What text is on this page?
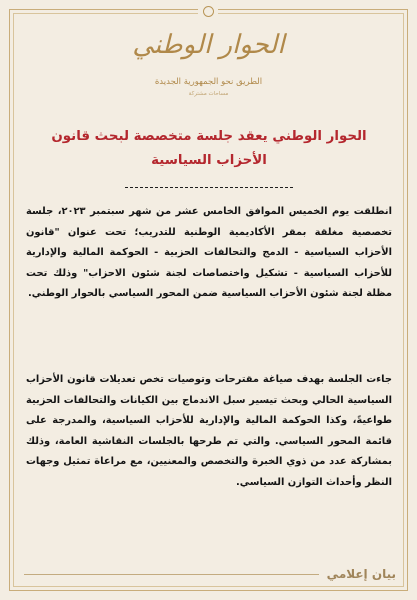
الحوار الوطني
الطريق نحو الجمهورية الجديدة
مساحات مشتركة
الحوار الوطني يعقد جلسة متخصصة لبحث قانون الأحزاب السياسية

انطلقت يوم الخميس الموافق الخامس عشر من شهر سبتمبر ٢٠٢٣، جلسة تخصصية مغلقة بمقر الأكاديمية الوطنية للتدريب؛ تحت عنوان "قانون الأحزاب السياسية - الدمج والتحالفات الحزبية - الحوكمة المالية والإدارية للأحزاب السياسية - تشكيل واختصاصات لجنة شئون الاحزاب" وذلك تحت مظلة لجنة شئون الأحزاب السياسية ضمن المحور السياسي بالحوار الوطني.

جاءت الجلسة بهدف صياغة مقترحات وتوصيات تخص تعديلات قانون الأحزاب السياسية الحالي وبحث تيسير سبل الاندماج بين الكيانات والتحالفات الحزبية طواعيةً، وكذا الحوكمة المالية والإدارية للأحزاب السياسية، والمدرجة على قائمة المحور السياسي. والتي تم طرحها بالجلسات النقاشية العامة، وذلك بمشاركة عدد من ذوي الخبرة والتخصص والمعنيين، مع مراعاة تمثيل وجهات النظر وأحداث التوازن السياسي.

بيان إعلامي
